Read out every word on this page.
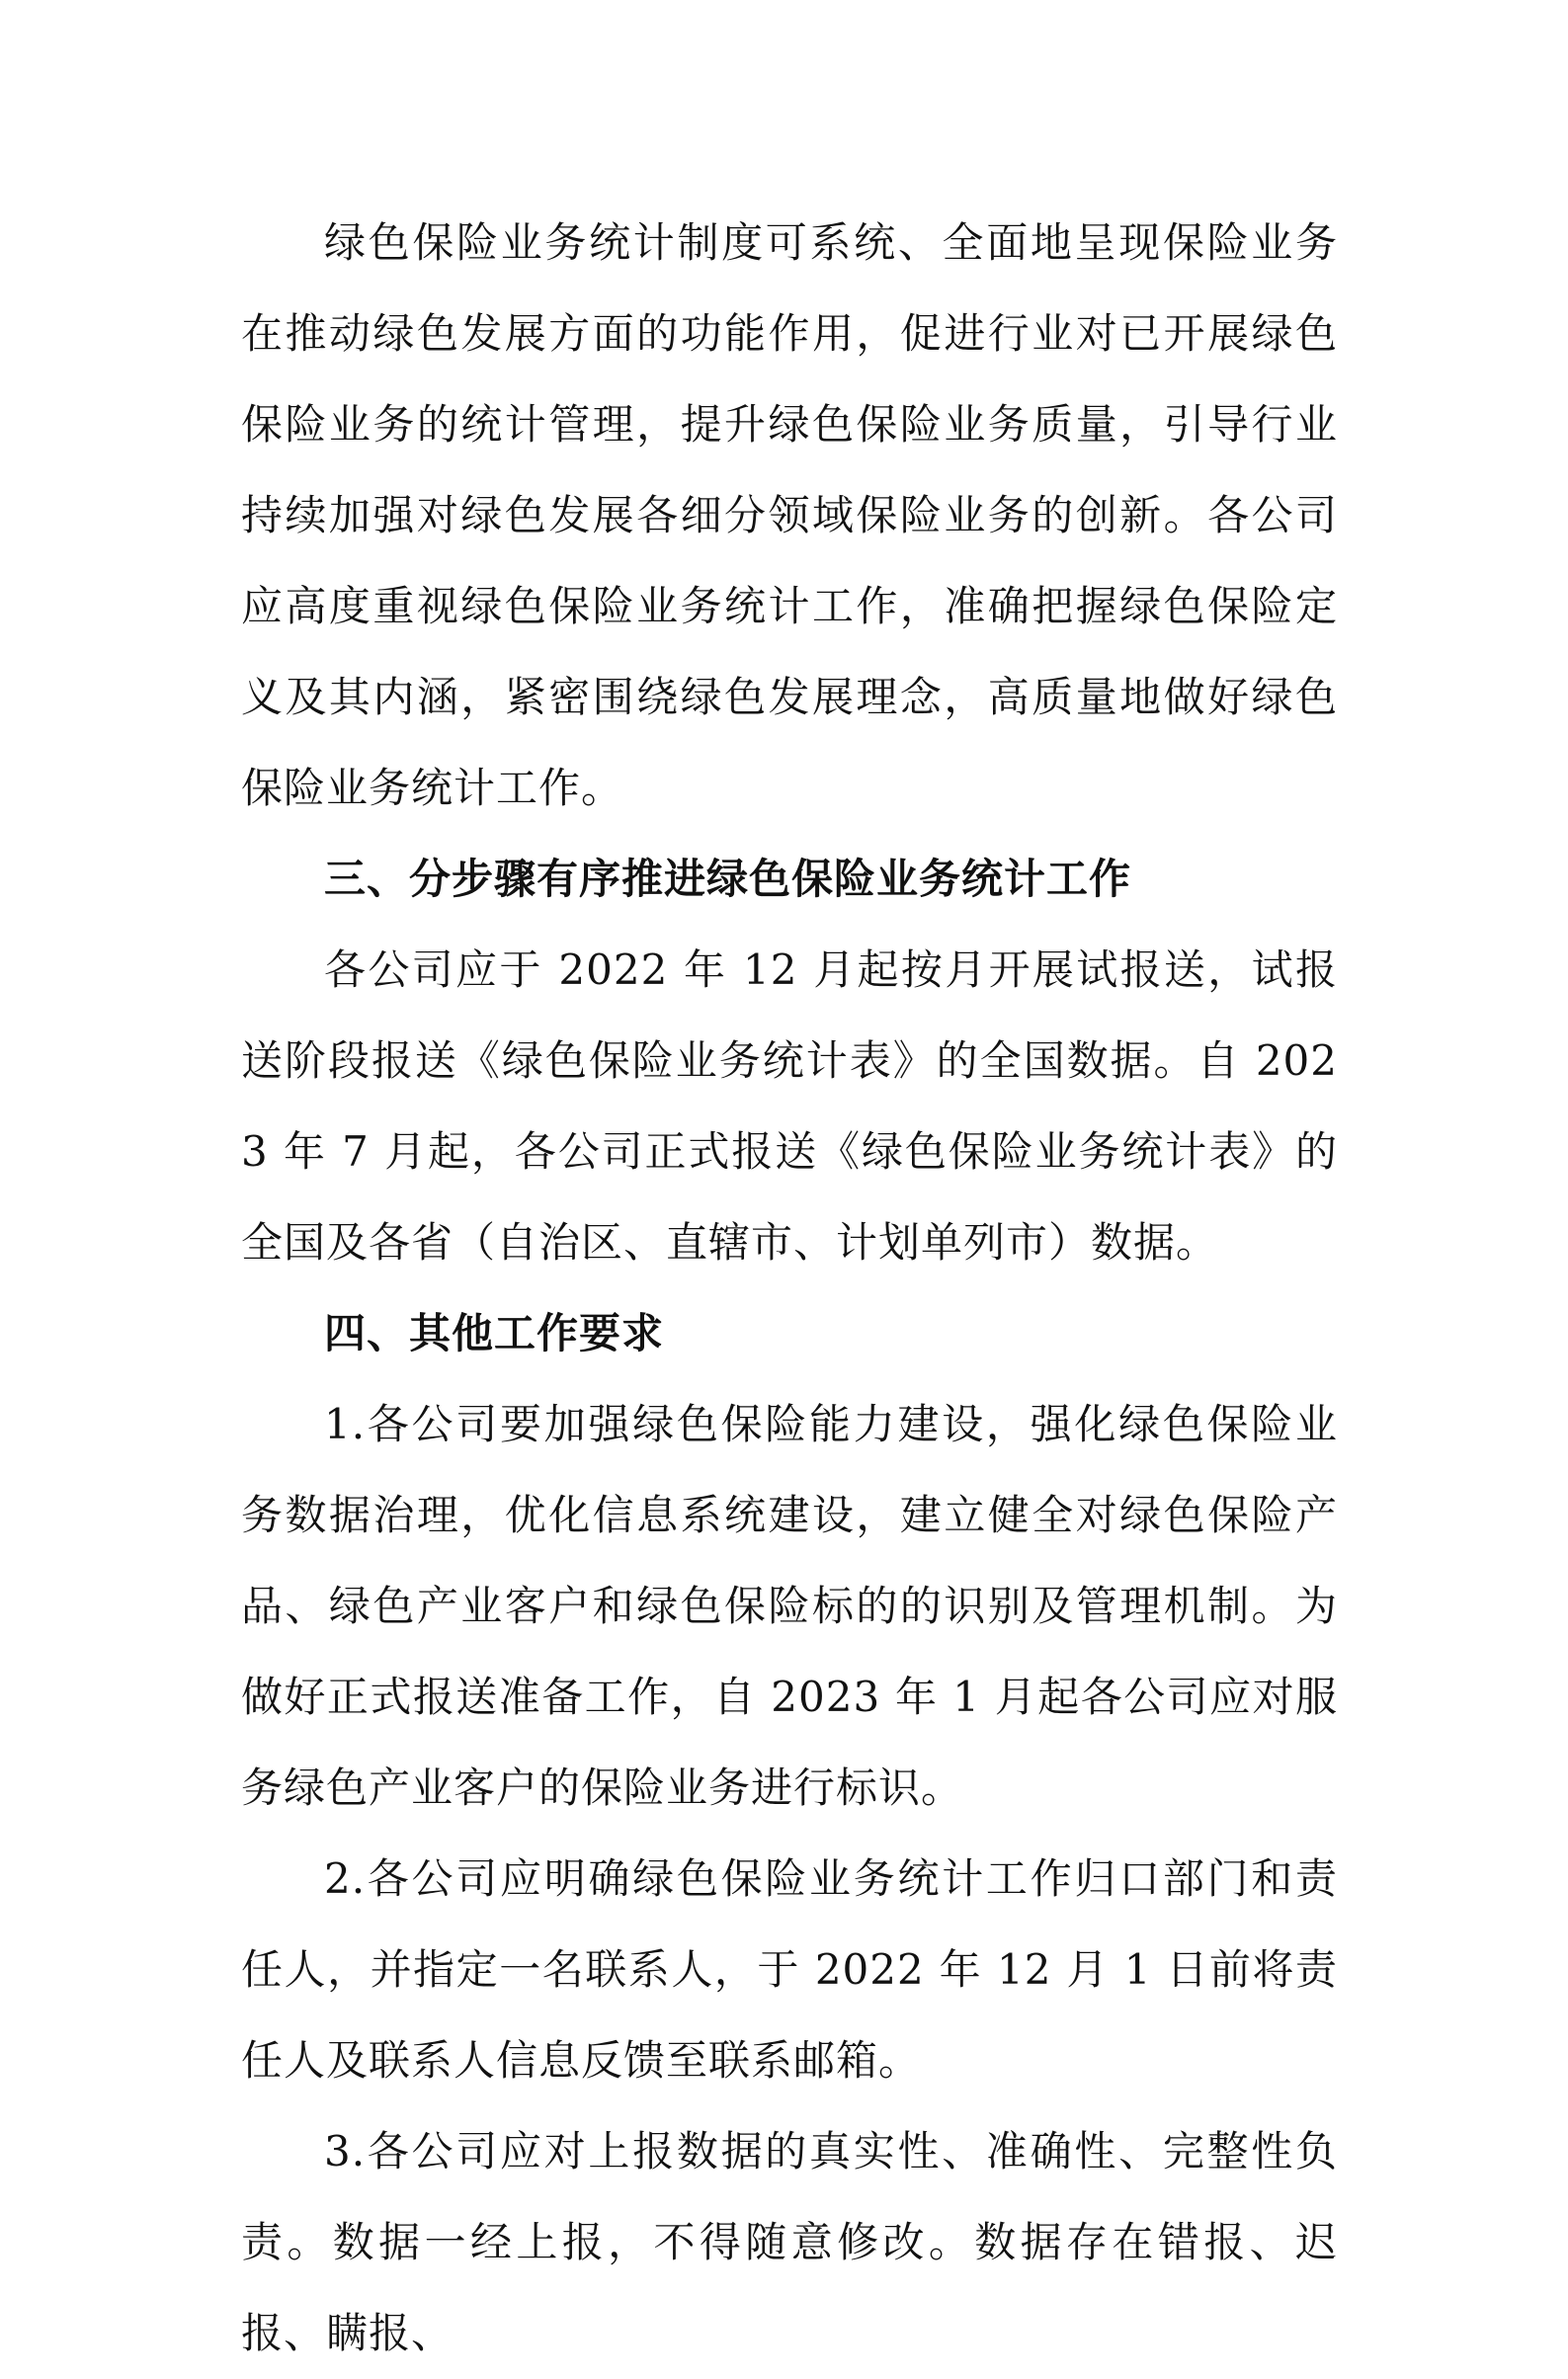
绿色保险业务统计制度可系统、全面地呈现保险业务在推动绿色发展方面的功能作用，促进行业对已开展绿色保险业务的统计管理，提升绿色保险业务质量，引导行业持续加强对绿色发展各细分领域保险业务的创新。各公司应高度重视绿色保险业务统计工作，准确把握绿色保险定义及其内涵，紧密围绕绿色发展理念，高质量地做好绿色保险业务统计工作。

三、分步骤有序推进绿色保险业务统计工作

各公司应于 2022 年 12 月起按月开展试报送，试报送阶段报送《绿色保险业务统计表》的全国数据。自 2023 年 7 月起，各公司正式报送《绿色保险业务统计表》的全国及各省（自治区、直辖市、计划单列市）数据。

四、其他工作要求

1.各公司要加强绿色保险能力建设，强化绿色保险业务数据治理，优化信息系统建设，建立健全对绿色保险产品、绿色产业客户和绿色保险标的的识别及管理机制。为做好正式报送准备工作，自 2023 年 1 月起各公司应对服务绿色产业客户的保险业务进行标识。

2.各公司应明确绿色保险业务统计工作归口部门和责任人，并指定一名联系人，于 2022 年 12 月 1 日前将责任人及联系人信息反馈至联系邮箱。

3.各公司应对上报数据的真实性、准确性、完整性负责。数据一经上报，不得随意修改。数据存在错报、迟报、瞒报、
